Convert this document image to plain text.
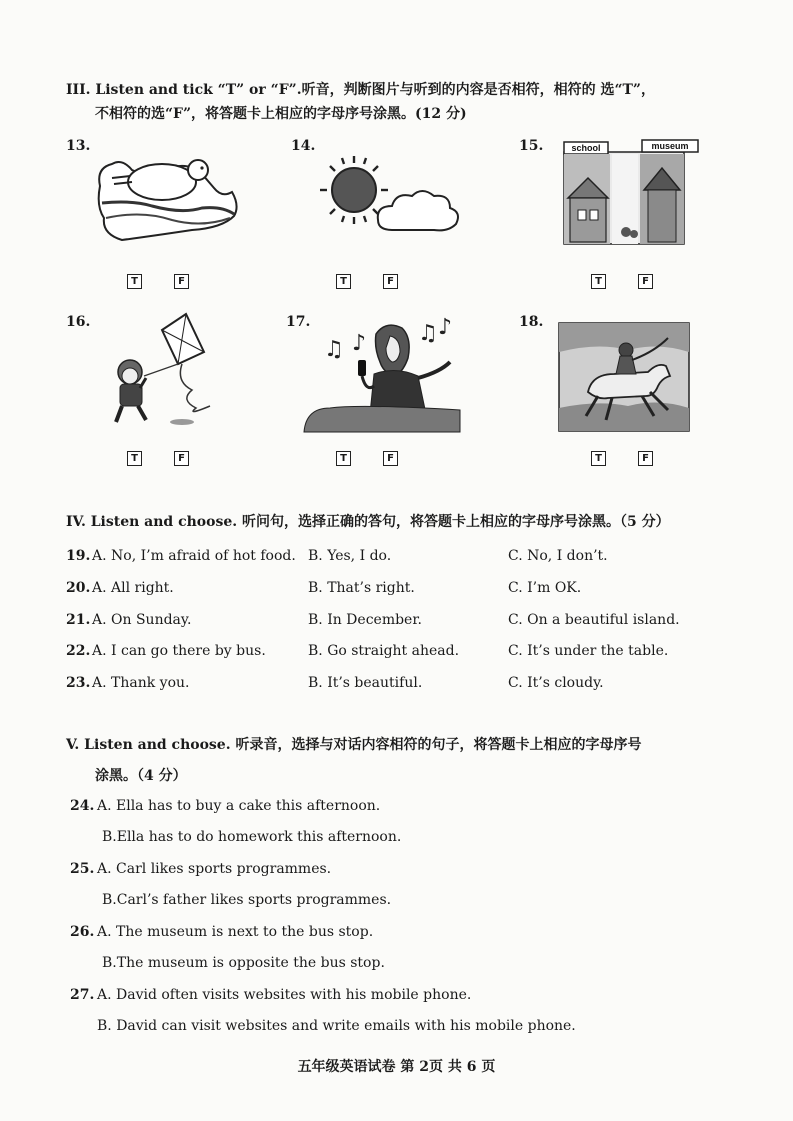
III. Listen and tick “T” or “F”.听音，判断图片与听到的内容是否相符，相符的 选“T”，
不相符的选“F”，将答题卡上相应的字母序号涂黑。(12 分)
13.	14.	15.	school	museum
T	F	T	F	T	F
16.	17.	18.
♫ ♪ ♫ ♪
T	F	T	F	T	F
IV. Listen and choose. 听问句，选择正确的答句，将答题卡上相应的字母序号涂黑。（5 分）
19. A. No, I’m afraid of hot food. B. Yes, I do.	C. No, I don’t.
20. A. All right.	B. That’s right.	C. I’m OK.
21. A. On Sunday.	B. In December.	C. On a beautiful island.
22. A. I can go there by bus.	B. Go straight ahead.	C. It’s under the table.
23. A. Thank you.	B. It’s beautiful.	C. It’s cloudy.
V. Listen and choose. 听录音，选择与对话内容相符的句子，将答题卡上相应的字母序号
涂黑。（4 分）
24. A. Ella has to buy a cake this afternoon.
B.Ella has to do homework this afternoon.
25. A. Carl likes sports programmes.
B.Carl’s father likes sports programmes.
26. A. The museum is next to the bus stop.
B.The museum is opposite the bus stop.
27. A. David often visits websites with his mobile phone.
B. David can visit websites and write emails with his mobile phone.
五年级英语试卷 第 2页 共 6 页
